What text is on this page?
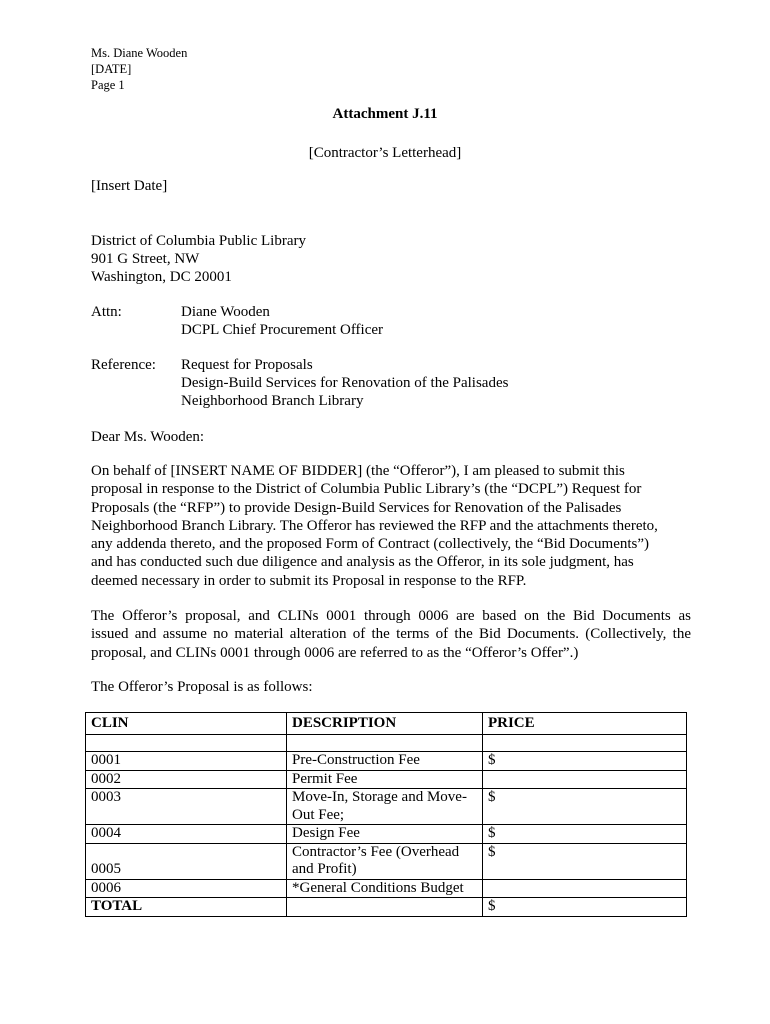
Ms. Diane Wooden
[DATE]
Page 1
Attachment J.11
[Contractor’s Letterhead]
[Insert Date]
District of Columbia Public Library
901 G Street, NW
Washington, DC 20001
Attn:	Diane Wooden
DCPL Chief Procurement Officer
Reference: Request for Proposals
Design-Build Services for Renovation of the Palisades
Neighborhood Branch Library
Dear Ms. Wooden:
On behalf of [INSERT NAME OF BIDDER] (the “Offeror”), I am pleased to submit this
proposal in response to the District of Columbia Public Library’s (the “DCPL”) Request for
Proposals (the “RFP”) to provide Design-Build Services for Renovation of the Palisades
Neighborhood Branch Library. The Offeror has reviewed the RFP and the attachments thereto,
any addenda thereto, and the proposed Form of Contract (collectively, the “Bid Documents”)
and has conducted such due diligence and analysis as the Offeror, in its sole judgment, has
deemed necessary in order to submit its Proposal in response to the RFP.
The Offeror’s proposal, and CLINs 0001 through 0006 are based on the Bid Documents as
issued and assume no material alteration of the terms of the Bid Documents. (Collectively, the
proposal, and CLINs 0001 through 0006 are referred to as the “Offeror’s Offer”.)
The Offeror’s Proposal is as follows:
CLIN	DESCRIPTION	PRICE

0001	Pre-Construction Fee	$
0002	Permit Fee	
0003	Move-In, Storage and Move-
Out Fee;	$
0004	Design Fee	$
0005	Contractor’s Fee (Overhead
and Profit)	$
0006	*General Conditions Budget	
TOTAL		$
